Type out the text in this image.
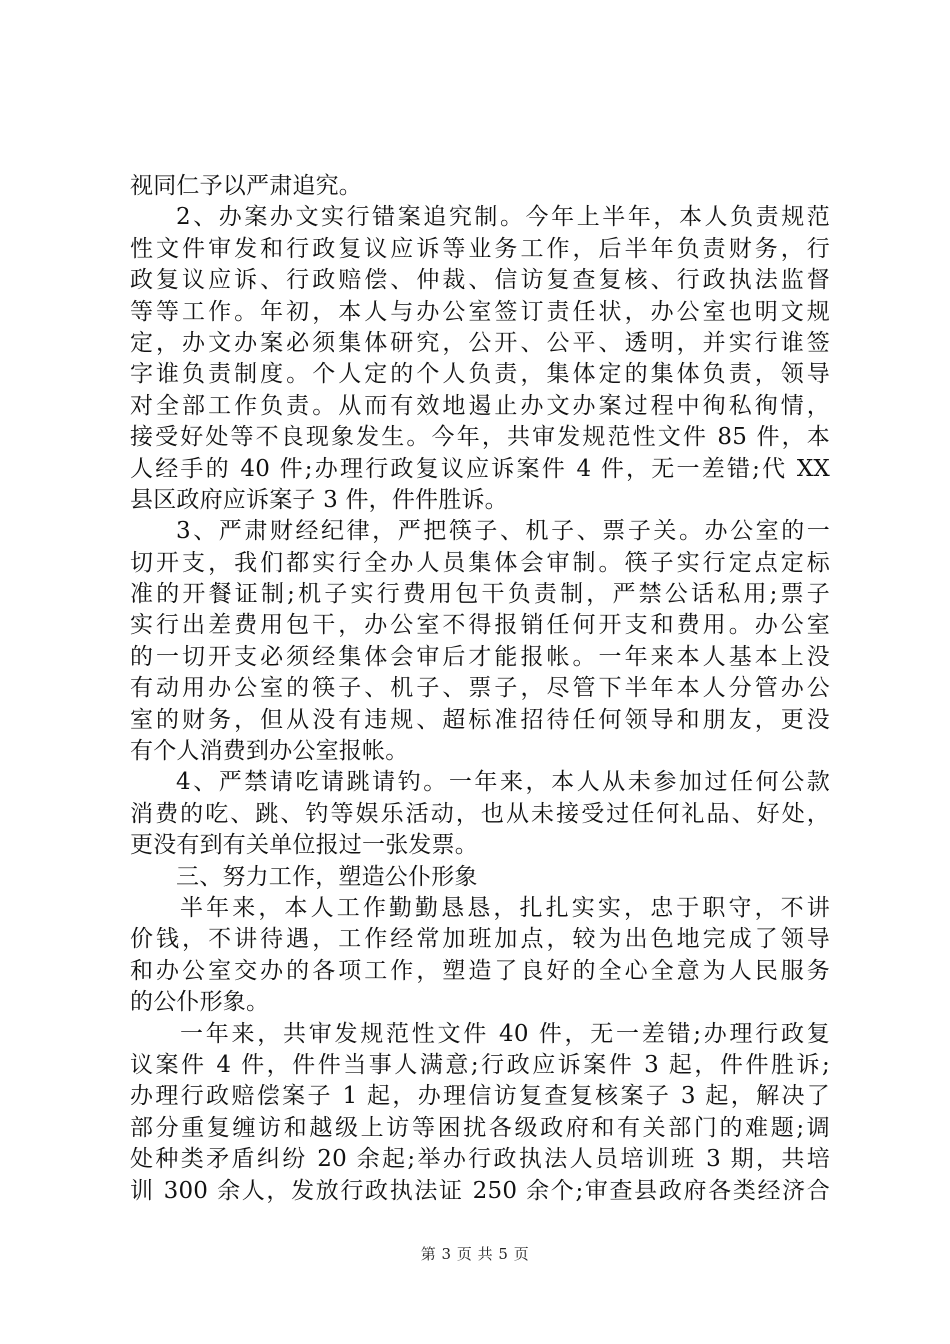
视同仁予以严肃追究。
2、办案办文实行错案追究制。今年上半年，本人负责规范
性文件审发和行政复议应诉等业务工作，后半年负责财务，行
政复议应诉、行政赔偿、仲裁、信访复查复核、行政执法监督
等等工作。年初，本人与办公室签订责任状，办公室也明文规
定，办文办案必须集体研究，公开、公平、透明，并实行谁签
字谁负责制度。个人定的个人负责，集体定的集体负责，领导
对全部工作负责。从而有效地遏止办文办案过程中徇私徇情，
接受好处等不良现象发生。今年，共审发规范性文件 85 件，本
人经手的 40 件;办理行政复议应诉案件 4 件，无一差错;代 XX
县区政府应诉案子 3 件，件件胜诉。
3、严肃财经纪律，严把筷子、机子、票子关。办公室的一
切开支，我们都实行全办人员集体会审制。筷子实行定点定标
准的开餐证制;机子实行费用包干负责制，严禁公话私用;票子
实行出差费用包干，办公室不得报销任何开支和费用。办公室
的一切开支必须经集体会审后才能报帐。一年来本人基本上没
有动用办公室的筷子、机子、票子，尽管下半年本人分管办公
室的财务，但从没有违规、超标准招待任何领导和朋友，更没
有个人消费到办公室报帐。
4、严禁请吃请跳请钓。一年来，本人从未参加过任何公款
消费的吃、跳、钓等娱乐活动，也从未接受过任何礼品、好处，
更没有到有关单位报过一张发票。
三、努力工作，塑造公仆形象
半年来，本人工作勤勤恳恳，扎扎实实，忠于职守，不讲
价钱，不讲待遇，工作经常加班加点，较为出色地完成了领导
和办公室交办的各项工作，塑造了良好的全心全意为人民服务
的公仆形象。
一年来，共审发规范性文件 40 件，无一差错;办理行政复
议案件 4 件，件件当事人满意;行政应诉案件 3 起，件件胜诉;
办理行政赔偿案子 1 起，办理信访复查复核案子 3 起，解决了
部分重复缠访和越级上访等困扰各级政府和有关部门的难题;调
处种类矛盾纠纷 20 余起;举办行政执法人员培训班 3 期，共培
训 300 余人，发放行政执法证 250 余个;审查县政府各类经济合
第 3 页 共 5 页
